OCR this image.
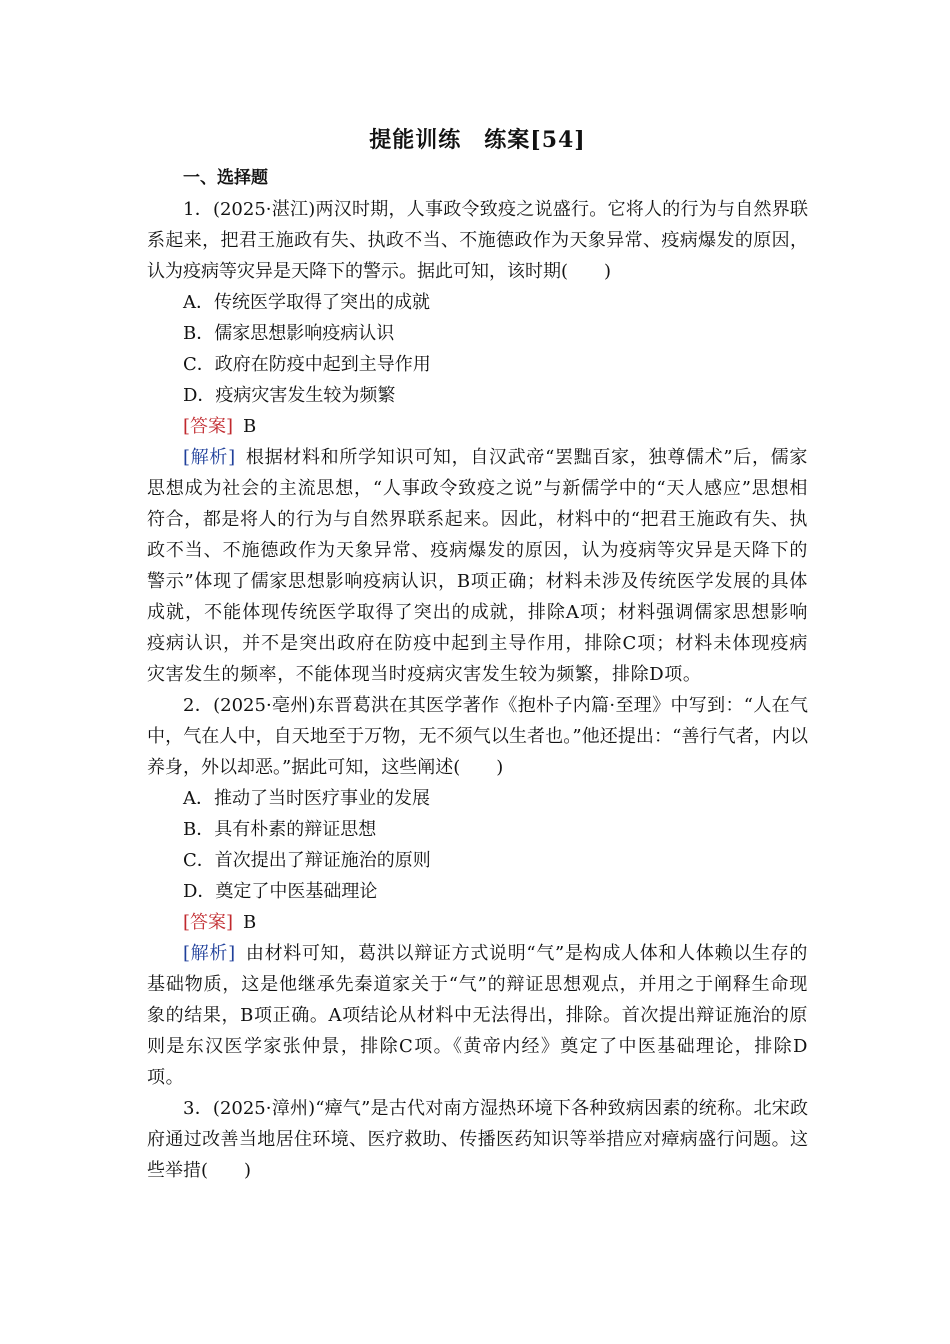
提能训练　练案[54]
一、选择题

1．(2025·湛江)两汉时期，人事政令致疫之说盛行。它将人的行为与自然界联系起来，把君王施政有失、执政不当、不施德政作为天象异常、疫病爆发的原因，认为疫病等灾异是天降下的警示。据此可知，该时期(　　)

A．传统医学取得了突出的成就

B．儒家思想影响疫病认识

C．政府在防疫中起到主导作用

D．疫病灾害发生较为频繁

[答案] B

[解析] 根据材料和所学知识可知，自汉武帝“罢黜百家，独尊儒术”后，儒家思想成为社会的主流思想，“人事政令致疫之说”与新儒学中的“天人感应”思想相符合，都是将人的行为与自然界联系起来。因此，材料中的“把君王施政有失、执政不当、不施德政作为天象异常、疫病爆发的原因，认为疫病等灾异是天降下的警示”体现了儒家思想影响疫病认识，B项正确；材料未涉及传统医学发展的具体成就，不能体现传统医学取得了突出的成就，排除A项；材料强调儒家思想影响疫病认识，并不是突出政府在防疫中起到主导作用，排除C项；材料未体现疫病灾害发生的频率，不能体现当时疫病灾害发生较为频繁，排除D项。

2．(2025·亳州)东晋葛洪在其医学著作《抱朴子内篇·至理》中写到：“人在气中，气在人中，自天地至于万物，无不须气以生者也。”他还提出：“善行气者，内以养身，外以却恶。”据此可知，这些阐述(　　)

A．推动了当时医疗事业的发展

B．具有朴素的辩证思想

C．首次提出了辩证施治的原则

D．奠定了中医基础理论

[答案] B

[解析] 由材料可知，葛洪以辩证方式说明“气”是构成人体和人体赖以生存的基础物质，这是他继承先秦道家关于“气”的辩证思想观点，并用之于阐释生命现象的结果，B项正确。A项结论从材料中无法得出，排除。首次提出辩证施治的原则是东汉医学家张仲景，排除C项。《黄帝内经》奠定了中医基础理论，排除D项。

3．(2025·漳州)“瘴气”是古代对南方湿热环境下各种致病因素的统称。北宋政府通过改善当地居住环境、医疗救助、传播医药知识等举措应对瘴病盛行问题。这些举措(　　)
